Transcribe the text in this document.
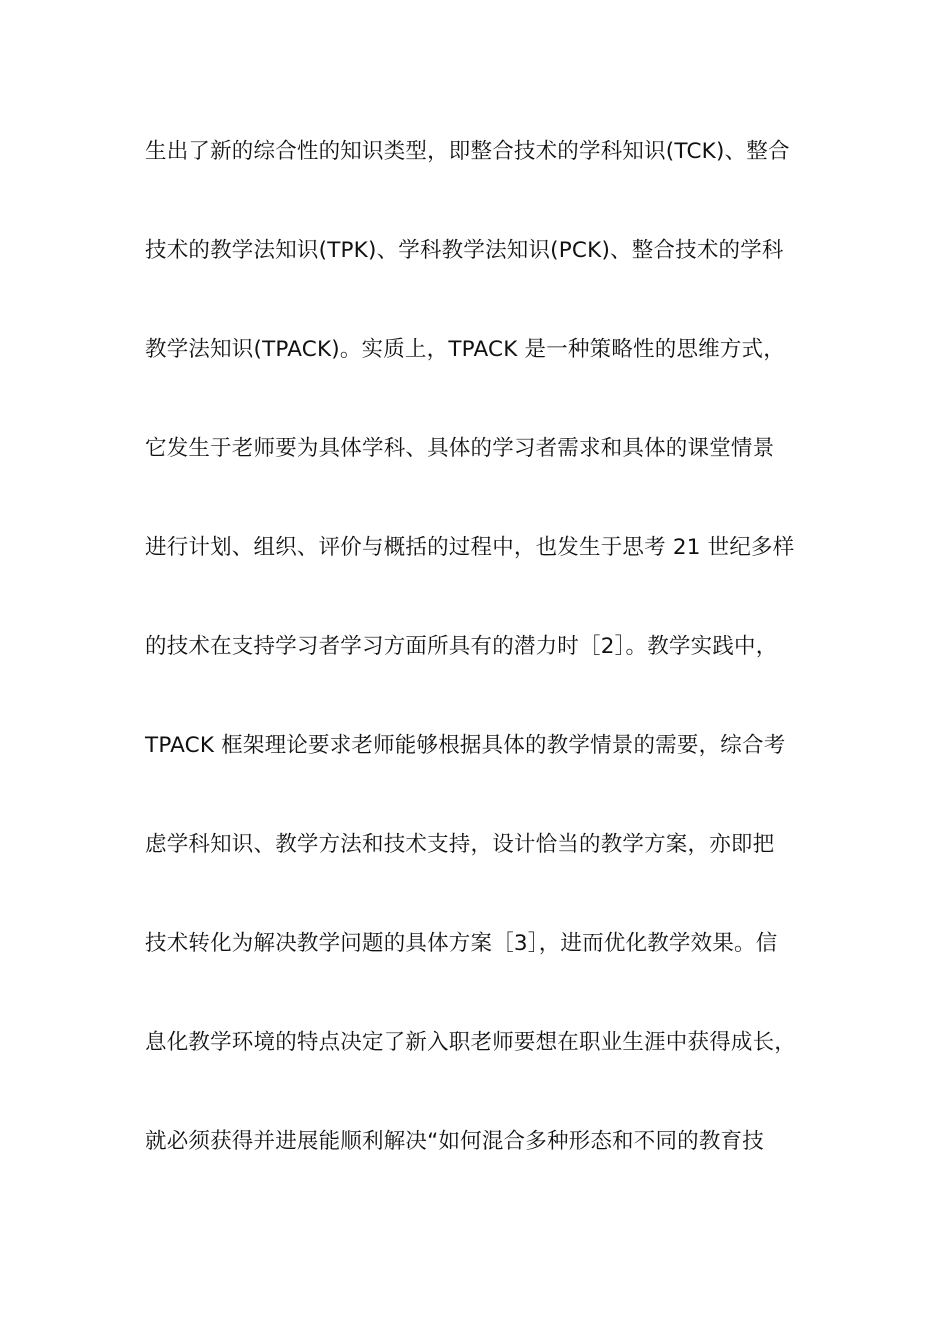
生出了新的综合性的知识类型，即整合技术的学科知识(TCK)、整合
技术的教学法知识(TPK)、学科教学法知识(PCK)、整合技术的学科
教学法知识(TPACK)。实质上，TPACK 是一种策略性的思维方式，
它发生于老师要为具体学科、具体的学习者需求和具体的课堂情景
进行计划、组织、评价与概括的过程中，也发生于思考 21 世纪多样
的技术在支持学习者学习方面所具有的潜力时［2］。教学实践中，
TPACK 框架理论要求老师能够根据具体的教学情景的需要，综合考
虑学科知识、教学方法和技术支持，设计恰当的教学方案，亦即把
技术转化为解决教学问题的具体方案［3］，进而优化教学效果。信
息化教学环境的特点决定了新入职老师要想在职业生涯中获得成长，
就必须获得并进展能顺利解决“如何混合多种形态和不同的教育技
